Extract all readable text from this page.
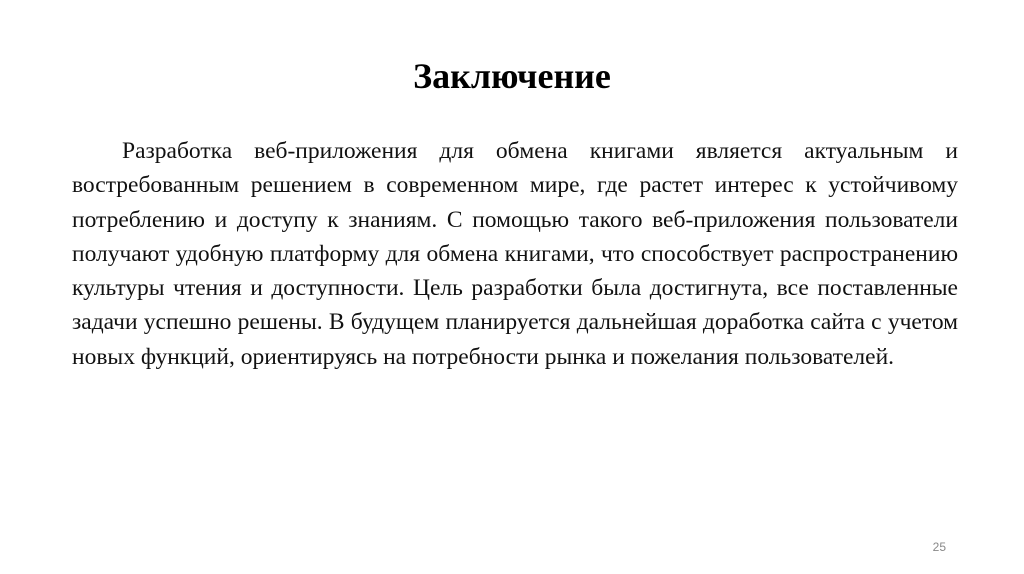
Заключение

Разработка веб-приложения для обмена книгами является актуальным и востребованным решением в современном мире, где растет интерес к устойчивому потреблению и доступу к знаниям. С помощью такого веб-приложения пользователи получают удобную платформу для обмена книгами, что способствует распространению культуры чтения и доступности. Цель разработки была достигнута, все поставленные задачи успешно решены. В будущем планируется дальнейшая доработка сайта с учетом новых функций, ориентируясь на потребности рынка и пожелания пользователей.

25
